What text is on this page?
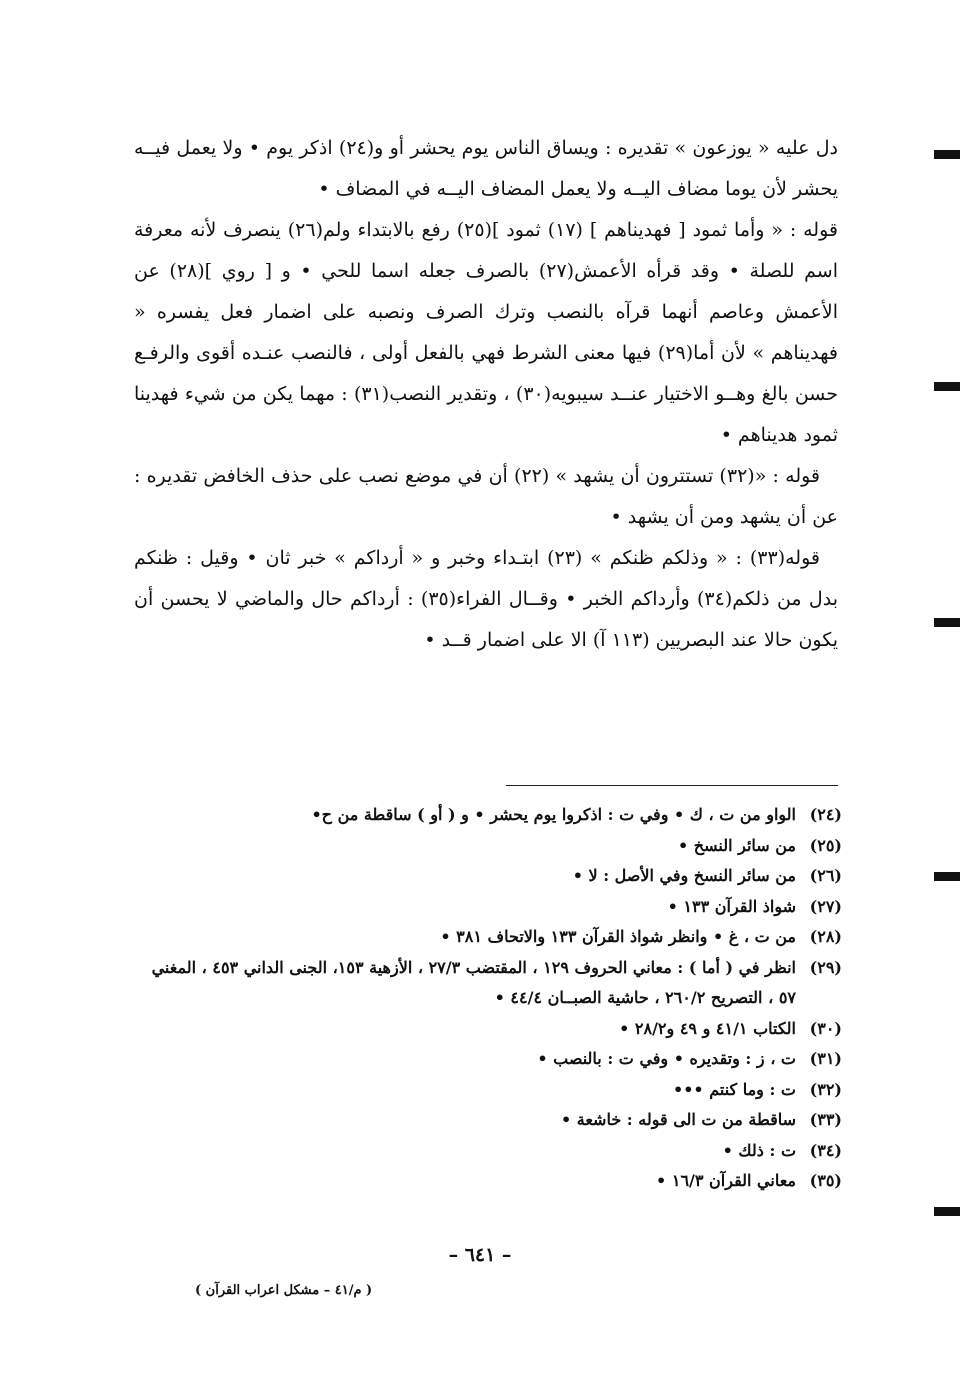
دل عليه « يوزعون » تقديره : ويساق الناس يوم يحشر أو و(٢٤) اذكر يوم • ولا يعمل فيــه يحشر لأن يوما مضاف اليــه ولا يعمل المضاف اليــه في المضاف •

قوله : « وأما ثمود [ فهديناهم ] (١٧) ثمود ](٢٥) رفع بالابتداء ولم(٢٦) ينصرف لأنه معرفة اسم للصلة • وقد قرأه الأعمش(٢٧) بالصرف جعله اسما للحي • و [ روي ](٢٨) عن الأعمش وعاصم أنهما قرآه بالنصب وترك الصرف ونصبه على اضمار فعل يفسره « فهديناهم » لأن أما(٢٩) فيها معنى الشرط فهي بالفعل أولى ، فالنصب عنـده أقوى والرفـع حسن بالغ وهــو الاختيار عنــد سيبويه(٣٠) ، وتقدير النصب(٣١) : مهما يكن من شيء فهدينا ثمود هديناهم •

قوله : «(٣٢) تستترون أن يشهد » (٢٢) أن في موضع نصب على حذف الخافض تقديره : عن أن يشهد ومن أن يشهد •

قوله(٣٣) : « وذلكم ظنكم » (٢٣) ابتـداء وخبر و « أرداكم » خبر ثان • وقيل : ظنكم بدل من ذلكم(٣٤) وأرداكم الخبر • وقــال الفراء(٣٥) : أرداكم حال والماضي لا يحسن أن يكون حالا عند البصريين (١١٣ آ) الا على اضمار قــد •

(٢٤)
الواو من ت ، ك • وفي ت : اذكروا يوم يحشر • و ( أو ) ساقطة من ح•
(٢٥)
من سائر النسخ •
(٢٦)
من سائر النسخ وفي الأصل : لا •
(٢٧)
شواذ القرآن ١٣٣ •
(٢٨)
من ت ، غ • وانظر شواذ القرآن ١٣٣ والاتحاف ٣٨١ •
(٢٩)
انظر في ( أما ) : معاني الحروف ١٢٩ ، المقتضب ٢٧/٣ ، الأزهية ١٥٣، الجنى الداني ٤٥٣ ، المغني ٥٧ ، التصريح ٢٦٠/٢ ، حاشية الصبــان ٤٤/٤ •
(٣٠)
الكتاب ٤١/١ و ٤٩ و٢٨/٢ •
(٣١)
ت ، ز : وتقديره • وفي ت : بالنصب •
(٣٢)
ت : وما كنتم •••
(٣٣)
ساقطة من ت الى قوله : خاشعة •
(٣٤)
ت : ذلك •
(٣٥)
معاني القرآن ١٦/٣ •
– ٦٤١ –
( م/٤١ – مشكل اعراب القرآن )
